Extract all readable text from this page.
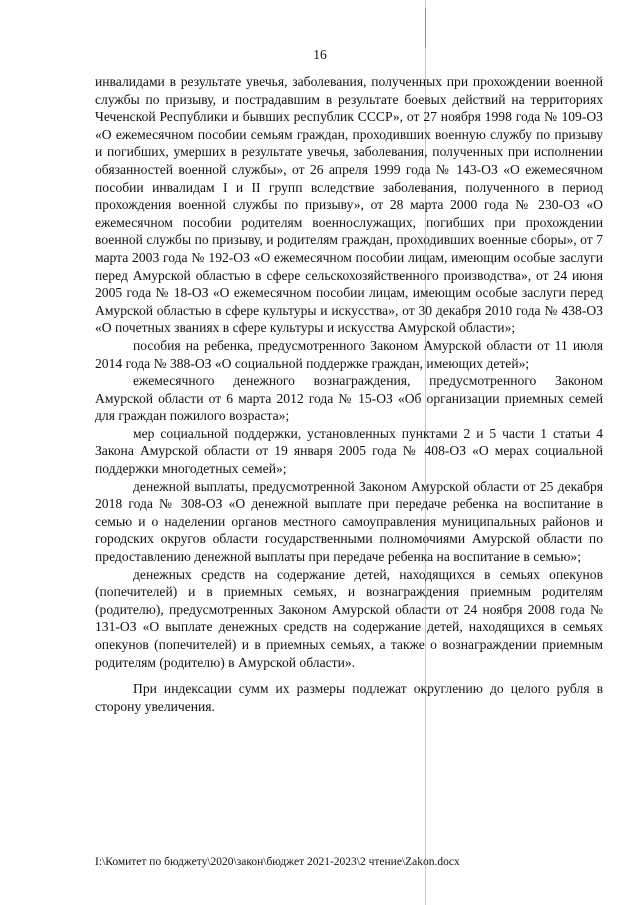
16

инвалидами в результате увечья, заболевания, полученных при прохождении военной службы по призыву, и пострадавшим в результате боевых действий на территориях Чеченской Республики и бывших республик СССР», от 27 ноября 1998 года № 109-ОЗ «О ежемесячном пособии семьям граждан, проходивших военную службу по призыву и погибших, умерших в результате увечья, заболевания, полученных при исполнении обязанностей военной службы», от 26 апреля 1999 года № 143-ОЗ «О ежемесячном пособии инвалидам I и II групп вследствие заболевания, полученного в период прохождения военной службы по призыву», от 28 марта 2000 года № 230-ОЗ «О ежемесячном пособии родителям военнослужащих, погибших при прохождении военной службы по призыву, и родителям граждан, проходивших военные сборы», от 7 марта 2003 года № 192-ОЗ «О ежемесячном пособии лицам, имеющим особые заслуги перед Амурской областью в сфере сельскохозяйственного производства», от 24 июня 2005 года № 18-ОЗ «О ежемесячном пособии лицам, имеющим особые заслуги перед Амурской областью в сфере культуры и искусства», от 30 декабря 2010 года № 438-ОЗ «О почетных званиях в сфере культуры и искусства Амурской области»;

пособия на ребенка, предусмотренного Законом Амурской области от 11 июля 2014 года № 388-ОЗ «О социальной поддержке граждан, имеющих детей»;

ежемесячного денежного вознаграждения, предусмотренного Законом Амурской области от 6 марта 2012 года № 15-ОЗ «Об организации приемных семей для граждан пожилого возраста»;

мер социальной поддержки, установленных пунктами 2 и 5 части 1 статьи 4 Закона Амурской области от 19 января 2005 года № 408-ОЗ «О мерах социальной поддержки многодетных семей»;

денежной выплаты, предусмотренной Законом Амурской области от 25 декабря 2018 года № 308-ОЗ «О денежной выплате при передаче ребенка на воспитание в семью и о наделении органов местного самоуправления муниципальных районов и городских округов области государственными полномочиями Амурской области по предоставлению денежной выплаты при передаче ребенка на воспитание в семью»;

денежных средств на содержание детей, находящихся в семьях опекунов (попечителей) и в приемных семьях, и вознаграждения приемным родителям (родителю), предусмотренных Законом Амурской области от 24 ноября 2008 года № 131-ОЗ «О выплате денежных средств на содержание детей, находящихся в семьях опекунов (попечителей) и в приемных семьях, а также о вознаграждении приемным родителям (родителю) в Амурской области».

При индексации сумм их размеры подлежат округлению до целого рубля в сторону увеличения.

I:\Комитет по бюджету\2020\закон\бюджет 2021-2023\2 чтение\Zakon.docx
